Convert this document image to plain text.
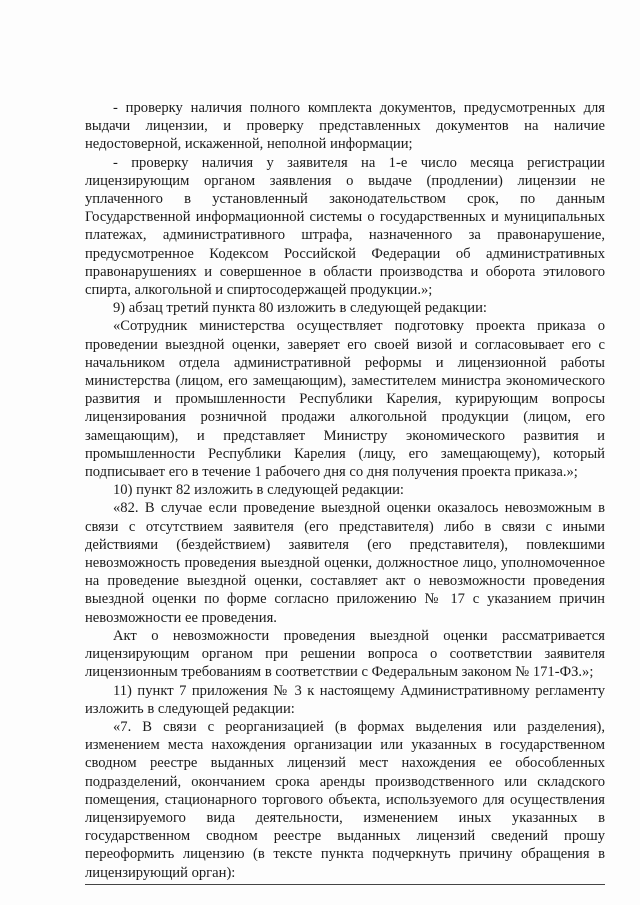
- проверку наличия полного комплекта документов, предусмотренных для выдачи лицензии, и проверку представленных документов на наличие недостоверной, искаженной, неполной информации;

- проверку наличия у заявителя на 1-е число месяца регистрации лицензирующим органом заявления о выдаче (продлении) лицензии не уплаченного в установленный законодательством срок, по данным Государственной информационной системы о государственных и муниципальных платежах, административного штрафа, назначенного за правонарушение, предусмотренное Кодексом Российской Федерации об административных правонарушениях и совершенное в области производства и оборота этилового спирта, алкогольной и спиртосодержащей продукции.»;

9) абзац третий пункта 80 изложить в следующей редакции:

«Сотрудник министерства осуществляет подготовку проекта приказа о проведении выездной оценки, заверяет его своей визой и согласовывает его с начальником отдела административной реформы и лицензионной работы министерства (лицом, его замещающим), заместителем министра экономического развития и промышленности Республики Карелия, курирующим вопросы лицензирования розничной продажи алкогольной продукции (лицом, его замещающим), и представляет Министру экономического развития и промышленности Республики Карелия (лицу, его замещающему), который подписывает его в течение 1 рабочего дня со дня получения проекта приказа.»;

10) пункт 82 изложить в следующей редакции:

«82. В случае если проведение выездной оценки оказалось невозможным в связи с отсутствием заявителя (его представителя) либо в связи с иными действиями (бездействием) заявителя (его представителя), повлекшими невозможность проведения выездной оценки, должностное лицо, уполномоченное на проведение выездной оценки, составляет акт о невозможности проведения выездной оценки по форме согласно приложению № 17 с указанием причин невозможности ее проведения.

Акт о невозможности проведения выездной оценки рассматривается лицензирующим органом при решении вопроса о соответствии заявителя лицензионным требованиям в соответствии с Федеральным законом № 171-ФЗ.»;

11) пункт 7 приложения № 3 к настоящему Административному регламенту изложить в следующей редакции:

«7. В связи с реорганизацией (в формах выделения или разделения), изменением места нахождения организации или указанных в государственном сводном реестре выданных лицензий мест нахождения ее обособленных подразделений, окончанием срока аренды производственного или складского помещения, стационарного торгового объекта, используемого для осуществления лицензируемого вида деятельности, изменением иных указанных в государственном сводном реестре выданных лицензий сведений прошу переоформить лицензию (в тексте пункта подчеркнуть причину обращения в лицензирующий орган):
